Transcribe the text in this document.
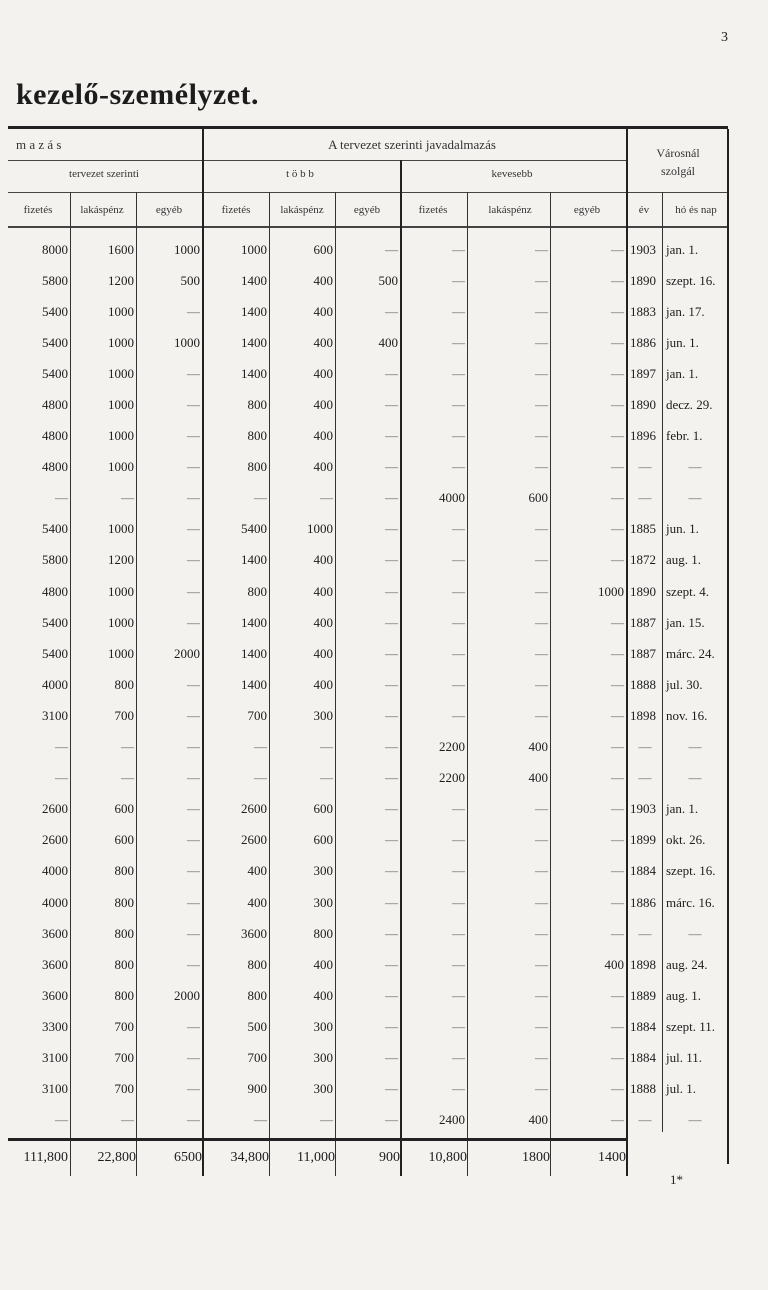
3
kezelő-személyzet.
m a z á s
tervezet szerinti
A tervezet szerinti javadalmazás
t ö b b	kevesebb
Városnál
szolgál
fizetés	lakáspénz	egyéb	fizetés	lakáspénz	egyéb	fizetés	lakáspénz	egyéb	év hó és nap
8000	1600	1000	1000	600	—	—	—	—	1903	jan. 1.
5800	1200	500	1400	400	500	—	—	—	1890	szept. 16.
5400	1000	—	1400	400	—	—	—	—	1883	jan. 17.
5400	1000	1000	1400	400	400	—	—	—	1886	jun. 1.
5400	1000	—	1400	400	—	—	—	—	1897	jan. 1.
4800	1000	—	800	400	—	—	—	—	1890	decz. 29.
4800	1000	—	800	400	—	—	—	—	1896	febr. 1.
4800	1000	—	800	400	—	—	—	—	—	—
—	—	—	—	—	—	4000	600	—	—	—
5400	1000	—	5400	1000	—	—	—	—	1885	jun. 1.
5800	1200	—	1400	400	—	—	—	—	1872	aug. 1.
4800	1000	—	800	400	—	—	—	1000	1890	szept. 4.
5400	1000	—	1400	400	—	—	—	—	1887	jan. 15.
5400	1000	2000	1400	400	—	—	—	—	1887	márc. 24.
4000	800	—	1400	400	—	—	—	—	1888	jul. 30.
3100	700	—	700	300	—	—	—	—	1898	nov. 16.
—	—	—	—	—	—	2200	400	—	—	—
—	—	—	—	—	—	2200	400	—	—	—
2600	600	—	2600	600	—	—	—	—	1903	jan. 1.
2600	600	—	2600	600	—	—	—	—	1899	okt. 26.
4000	800	—	400	300	—	—	—	—	1884	szept. 16.
4000	800	—	400	300	—	—	—	—	1886	márc. 16.
3600	800	—	3600	800	—	—	—	—	—	—
3600	800	—	800	400	—	—	—	400	1898	aug. 24.
3600	800	2000	800	400	—	—	—	—	1889	aug. 1.
3300	700	—	500	300	—	—	—	—	1884	szept. 11.
3100	700	—	700	300	—	—	—	—	1884	jul. 11.
3100	700	—	900	300	—	—	—	—	1888	jul. 1.
—	—	—	—	—	—	2400	400	—	—	—
111,800	22,800	6500	34,800	11,000	900	10,800	1800	1400
1*
